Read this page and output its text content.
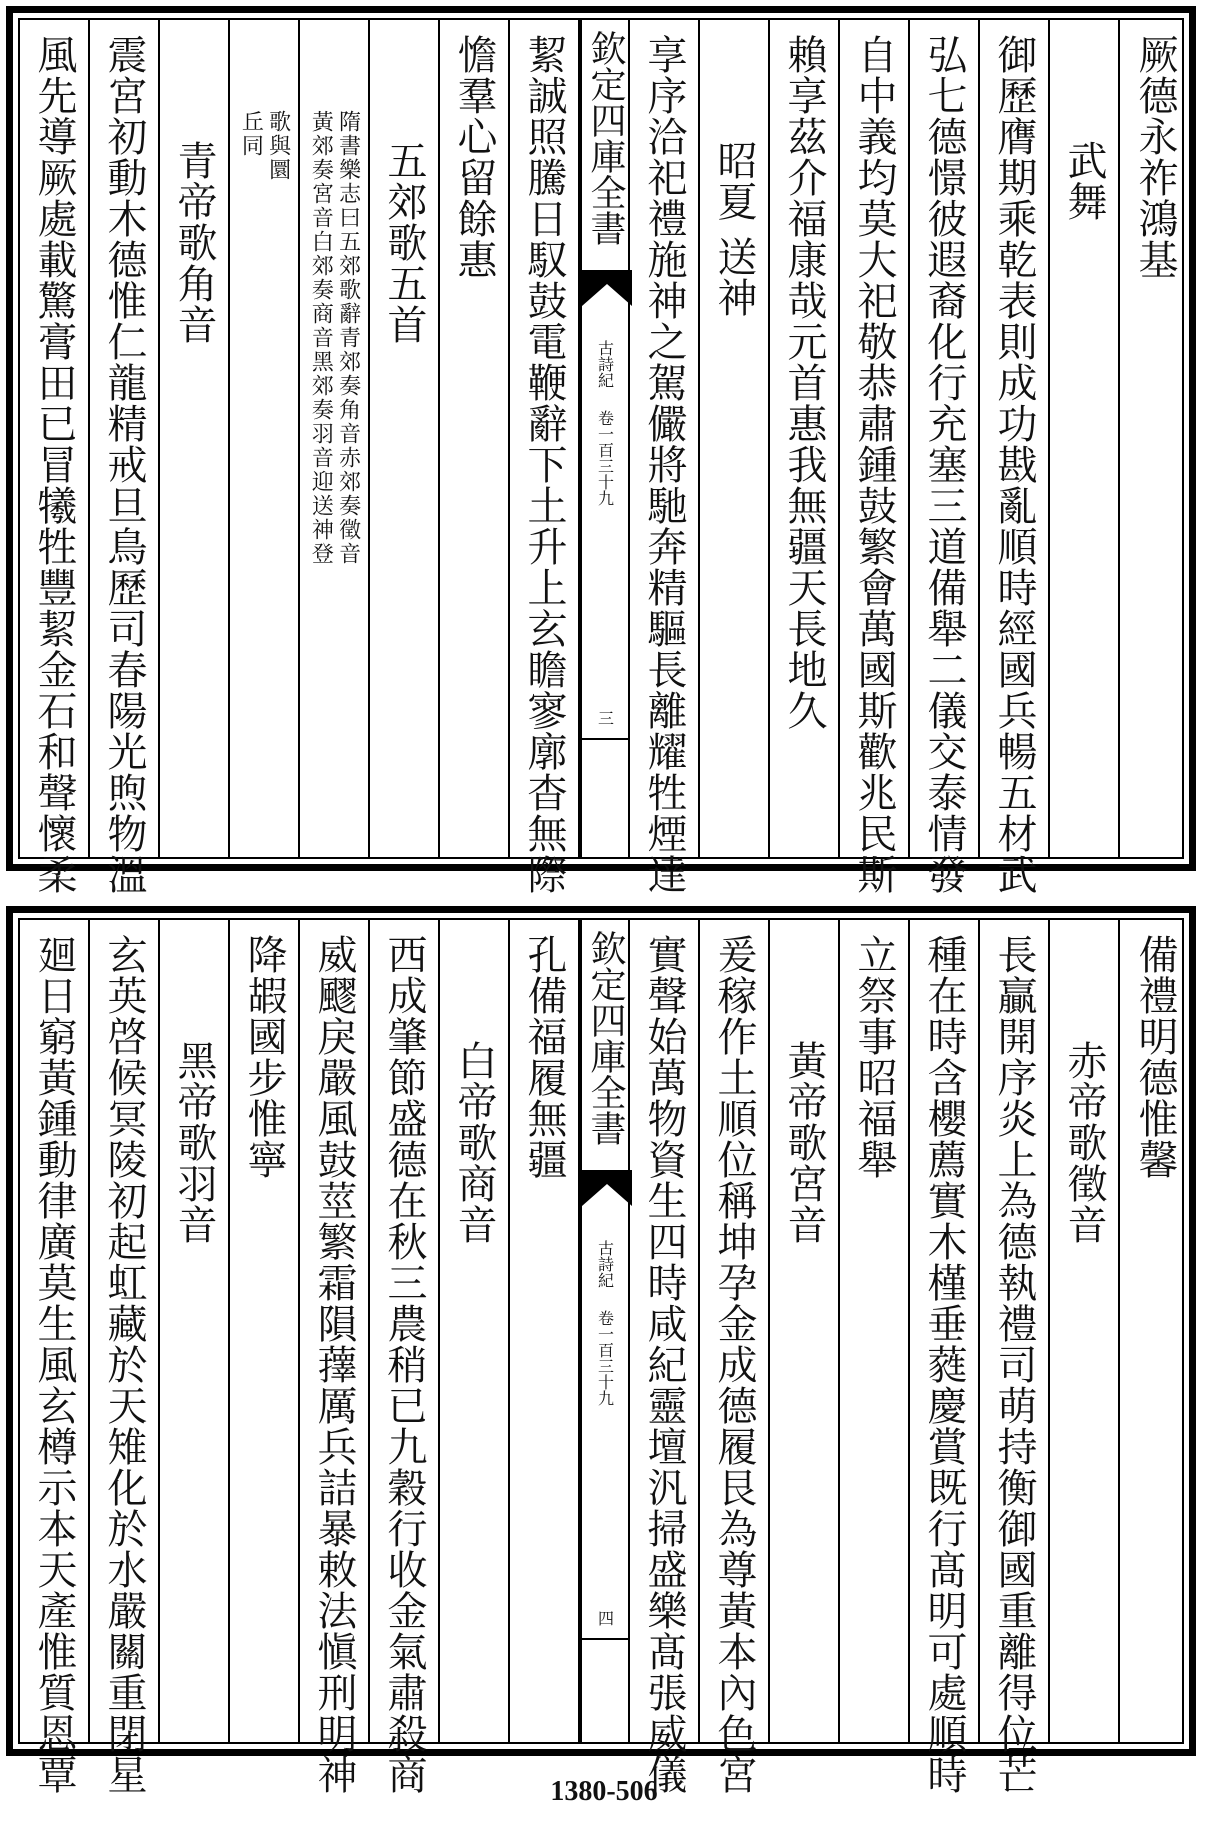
厥德永祚鴻基
武舞
御歷膺期乘乾表則成功戡亂順時經國兵暢五材武
弘七德憬彼遐裔化行充塞三道備舉二儀交泰情發
自中義均莫大祀敬恭肅鍾鼓繁會萬國斯歡兆民斯
賴享茲介福康哉元首惠我無疆天長地久
昭夏 送神
享序洽祀禮施神之駕儼將馳奔精驅長離耀牲煙達
欽定四庫全書
古詩紀
卷一百三十九
三
絜誠照騰日馭鼓電鞭辭下土升上玄瞻寥廓杳無際
憺羣心留餘惠
五郊歌五首
隋書樂志曰五郊歌辭青郊奏角音赤郊奏徵音
黃郊奏宮音白郊奏商音黑郊奏羽音迎送神登
歌與圜
丘同
青帝歌角音
震宮初動木德惟仁龍精戒旦鳥歷司春陽光煦物溫
風先導厥處載驚膏田已冒犧牲豐絜金石和聲懷柔
備禮明德惟馨
赤帝歌徵音
長贏開序炎上為德執禮司萌持衡御國重離得位芒
種在時含櫻薦實木槿垂蕤慶賞既行髙明可處順時
立祭事昭福舉
黃帝歌宮音
爰稼作土順位稱坤孕金成德履艮為尊黃本內色宮
實聲始萬物資生四時咸紀靈壇汎掃盛樂髙張威儀
欽定四庫全書
古詩紀
卷一百三十九
四
孔備福履無疆
白帝歌商音
西成肇節盛德在秋三農稍已九穀行收金氣肅殺商
威飂戾嚴風鼓莖繁霜隕蘀厲兵詰暴敕法愼刑明神
降嘏國步惟寧
黑帝歌羽音
玄英啓候冥陵初起虹藏於天雉化於水嚴關重閉星
廻日窮黃鍾動律廣莫生風玄樽示本天產惟質恩覃	1380-506
